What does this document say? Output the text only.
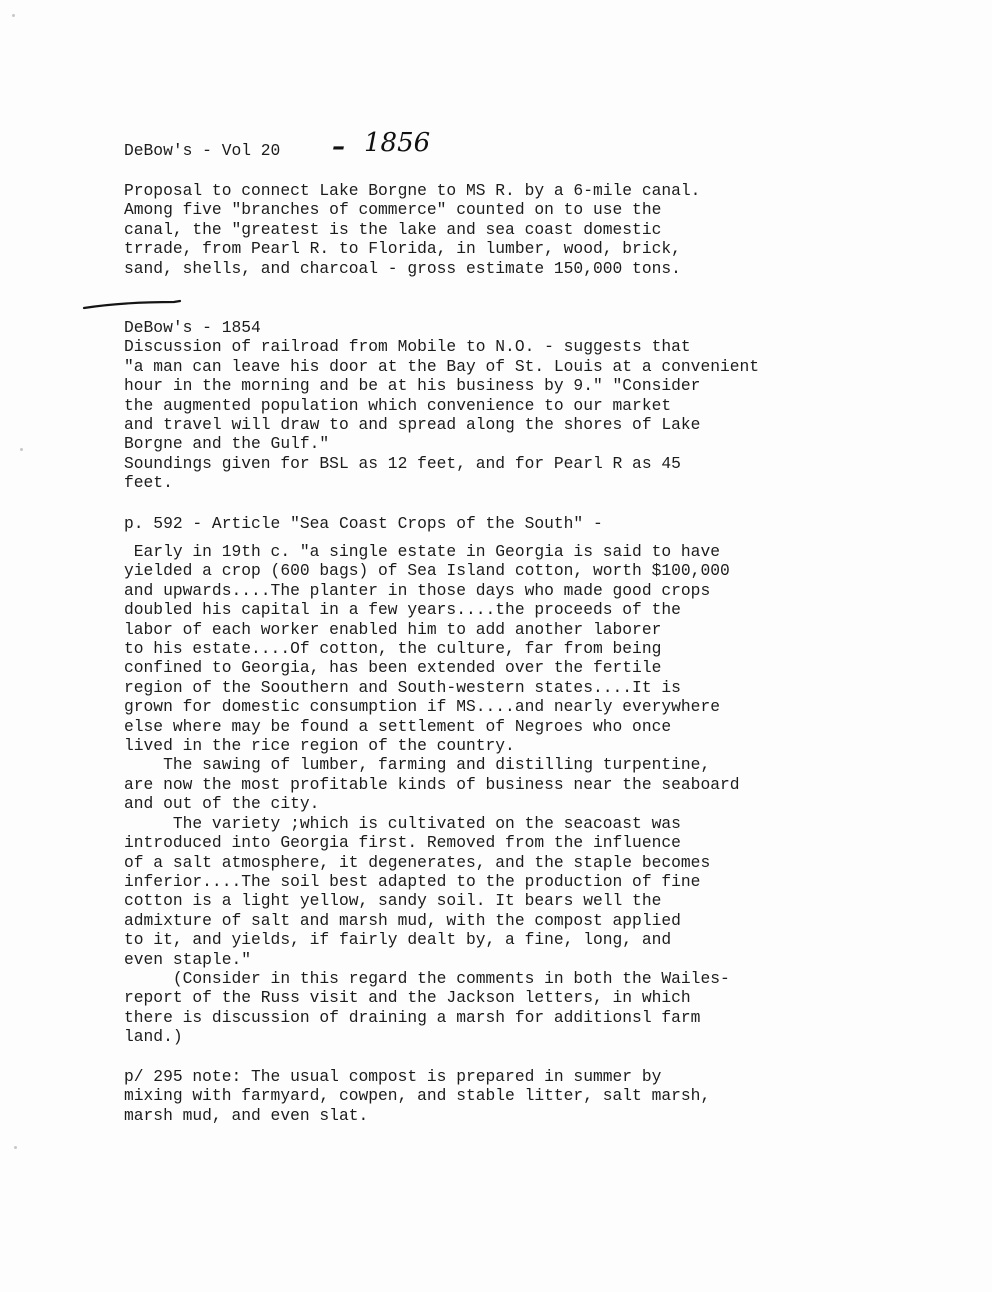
DeBow's - Vol 20 – 1856
Proposal to connect Lake Borgne to MS R. by a 6-mile canal.
Among five "branches of commerce" counted on to use the
canal, the "greatest is the lake and sea coast domestic
trrade, from Pearl R. to Florida, in lumber, wood, brick,
sand, shells, and charcoal - gross estimate 150,000 tons.
DeBow's - 1854
Discussion of railroad from Mobile to N.O. - suggests that
"a man can leave his door at the Bay of St. Louis at a convenient
hour in the morning and be at his business by 9." "Consider
the augmented population which convenience to our market
and travel will draw to and spread along the shores of Lake
Borgne and the Gulf."
Soundings given for BSL as 12 feet, and for Pearl R as 45
feet.
p. 592 - Article "Sea Coast Crops of the South" -
Early in 19th c. "a single estate in Georgia is said to have
yielded a crop (600 bags) of Sea Island cotton, worth $100,000
and upwards....The planter in those days who made good crops
doubled his capital in a few years....the proceeds of the
labor of each worker enabled him to add another laborer
to his estate....Of cotton, the culture, far from being
confined to Georgia, has been extended over the fertile
region of the Soouthern and South-western states....It is
grown for domestic consumption if MS....and nearly everywhere
else where may be found a settlement of Negroes who once
lived in the rice region of the country.
The sawing of lumber, farming and distilling turpentine,
are now the most profitable kinds of business near the seaboard
and out of the city.
The variety ;which is cultivated on the seacoast was
introduced into Georgia first. Removed from the influence
of a salt atmosphere, it degenerates, and the staple becomes
inferior....The soil best adapted to the production of fine
cotton is a light yellow, sandy soil. It bears well the
admixture of salt and marsh mud, with the compost applied
to it, and yields, if fairly dealt by, a fine, long, and
even staple."
(Consider in this regard the comments in both the Wailes-
report of the Russ visit and the Jackson letters, in which
there is discussion of draining a marsh for additionsl farm
land.)
p/ 295 note: The usual compost is prepared in summer by
mixing with farmyard, cowpen, and stable litter, salt marsh,
marsh mud, and even slat.
